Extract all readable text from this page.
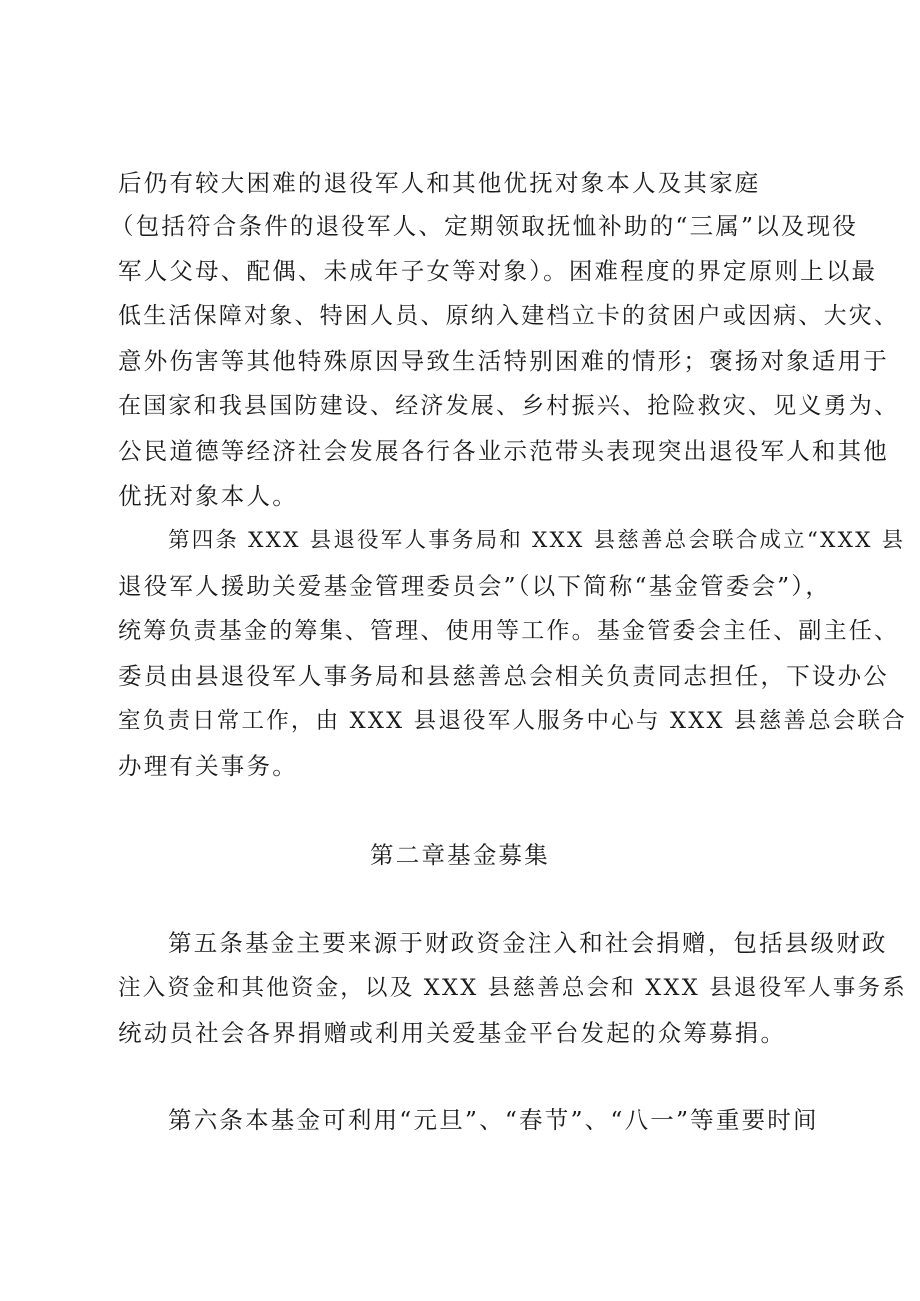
后仍有较大困难的退役军人和其他优抚对象本人及其家庭
（包括符合条件的退役军人、定期领取抚恤补助的“三属”以及现役
军人父母、配偶、未成年子女等对象）。困难程度的界定原则上以最
低生活保障对象、特困人员、原纳入建档立卡的贫困户或因病、大灾、
意外伤害等其他特殊原因导致生活特别困难的情形；褒扬对象适用于
在国家和我县国防建设、经济发展、乡村振兴、抢险救灾、见义勇为、
公民道德等经济社会发展各行各业示范带头表现突出退役军人和其他
优抚对象本人。
第四条 XXX 县退役军人事务局和 XXX 县慈善总会联合成立“XXX 县
退役军人援助关爱基金管理委员会”（以下简称“基金管委会”），
统筹负责基金的筹集、管理、使用等工作。基金管委会主任、副主任、
委员由县退役军人事务局和县慈善总会相关负责同志担任，下设办公
室负责日常工作，由 XXX 县退役军人服务中心与 XXX 县慈善总会联合
办理有关事务。
第二章基金募集
第五条基金主要来源于财政资金注入和社会捐赠，包括县级财政
注入资金和其他资金，以及 XXX 县慈善总会和 XXX 县退役军人事务系
统动员社会各界捐赠或利用关爱基金平台发起的众筹募捐。
第六条本基金可利用“元旦”、“春节”、“八一”等重要时间
